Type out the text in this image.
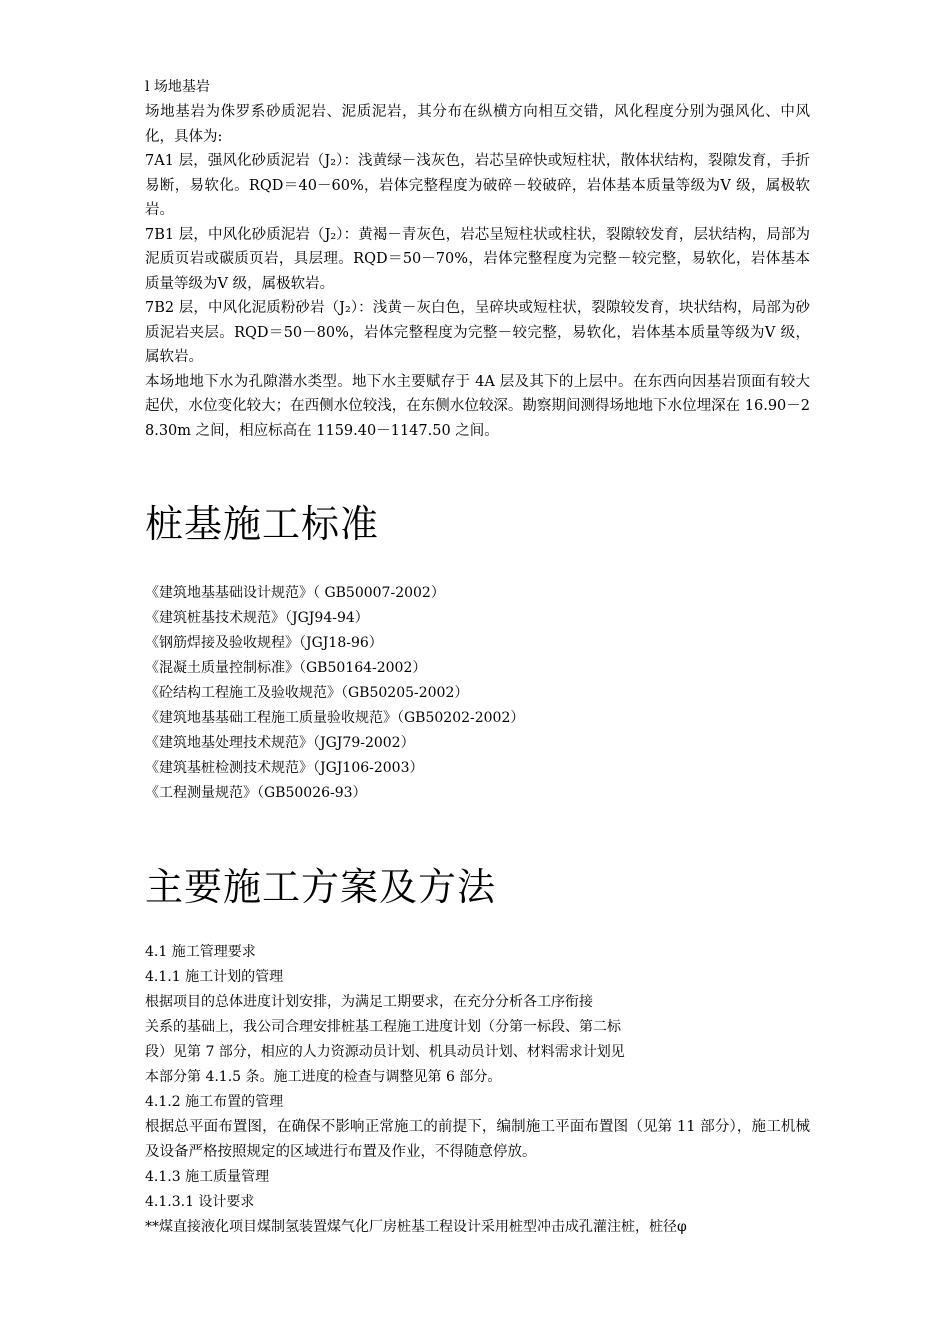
l 场地基岩
场地基岩为侏罗系砂质泥岩、泥质泥岩，其分布在纵横方向相互交错，风化程度分别为强风化、中风化，具体为:
7A1 层，强风化砂质泥岩（J₂）：浅黄绿－浅灰色，岩芯呈碎快或短柱状，散体状结构，裂隙发育，手折易断，易软化。RQD＝40－60%，岩体完整程度为破碎－较破碎，岩体基本质量等级为Ⅴ 级，属极软岩。
7B1 层，中风化砂质泥岩（J₂）：黄褐－青灰色，岩芯呈短柱状或柱状，裂隙较发育，层状结构，局部为泥质页岩或碳质页岩，具层理。RQD＝50－70%，岩体完整程度为完整－较完整，易软化，岩体基本质量等级为Ⅴ 级，属极软岩。
7B2 层，中风化泥质粉砂岩（J₂）：浅黄－灰白色，呈碎块或短柱状，裂隙较发育，块状结构，局部为砂质泥岩夹层。RQD＝50－80%，岩体完整程度为完整－较完整，易软化，岩体基本质量等级为Ⅴ 级，属软岩。
本场地地下水为孔隙潜水类型。地下水主要赋存于 4A 层及其下的上层中。在东西向因基岩顶面有较大起伏，水位变化较大；在西侧水位较浅，在东侧水位较深。勘察期间测得场地地下水位埋深在 16.90－28.30m 之间，相应标高在 1159.40－1147.50 之间。
桩基施工标准
《建筑地基基础设计规范》（ GB50007-2002）
《建筑桩基技术规范》（JGJ94-94）
《钢筋焊接及验收规程》（JGJ18-96）
《混凝土质量控制标准》（GB50164-2002）
《砼结构工程施工及验收规范》（GB50205-2002）
《建筑地基基础工程施工质量验收规范》（GB50202-2002）
《建筑地基处理技术规范》（JGJ79-2002）
《建筑基桩检测技术规范》（JGJ106-2003）
《工程测量规范》（GB50026-93）
主要施工方案及方法
4.1 施工管理要求
4.1.1 施工计划的管理
根据项目的总体进度计划安排，为满足工期要求，在充分分析各工序衔接
关系的基础上，我公司合理安排桩基工程施工进度计划（分第一标段、第二标
段）见第 7 部分，相应的人力资源动员计划、机具动员计划、材料需求计划见
本部分第 4.1.5 条。施工进度的检查与调整见第 6 部分。
4.1.2 施工布置的管理
根据总平面布置图，在确保不影响正常施工的前提下，编制施工平面布置图（见第 11 部分），施工机械及设备严格按照规定的区域进行布置及作业，不得随意停放。
4.1.3 施工质量管理
4.1.3.1 设计要求
**煤直接液化项目煤制氢装置煤气化厂房桩基工程设计采用桩型冲击成孔灌注桩，桩径φ
